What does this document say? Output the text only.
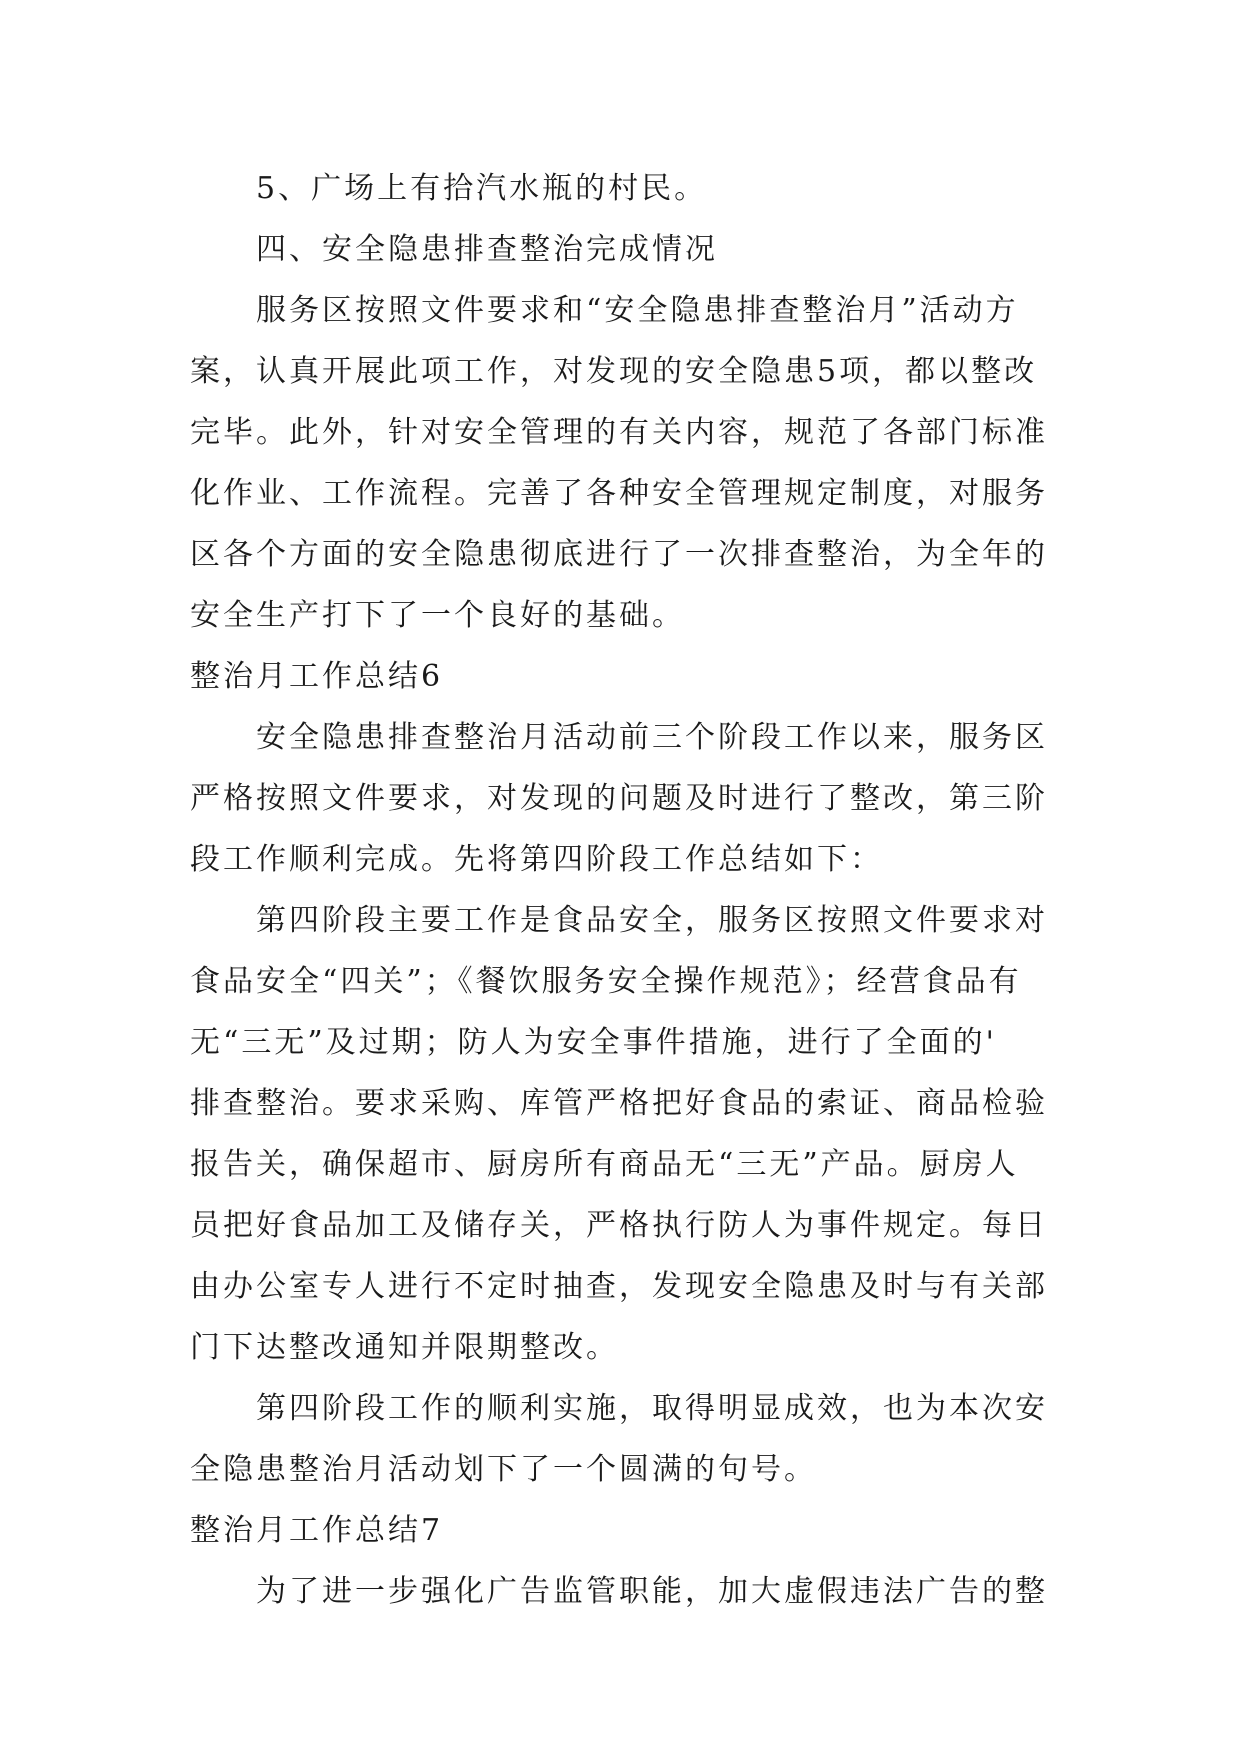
5、广场上有拾汽水瓶的村民。
四、安全隐患排查整治完成情况
服务区按照文件要求和“安全隐患排查整治月”活动方
案，认真开展此项工作，对发现的安全隐患5项，都以整改
完毕。此外，针对安全管理的有关内容，规范了各部门标准
化作业、工作流程。完善了各种安全管理规定制度，对服务
区各个方面的安全隐患彻底进行了一次排查整治，为全年的
安全生产打下了一个良好的基础。
整治月工作总结6
安全隐患排查整治月活动前三个阶段工作以来，服务区
严格按照文件要求，对发现的问题及时进行了整改，第三阶
段工作顺利完成。先将第四阶段工作总结如下：
第四阶段主要工作是食品安全，服务区按照文件要求对
食品安全“四关”；《餐饮服务安全操作规范》；经营食品有
无“三无”及过期；防人为安全事件措施，进行了全面的'
排查整治。要求采购、库管严格把好食品的索证、商品检验
报告关，确保超市、厨房所有商品无“三无”产品。厨房人
员把好食品加工及储存关，严格执行防人为事件规定。每日
由办公室专人进行不定时抽查，发现安全隐患及时与有关部
门下达整改通知并限期整改。
第四阶段工作的顺利实施，取得明显成效，也为本次安
全隐患整治月活动划下了一个圆满的句号。
整治月工作总结7
为了进一步强化广告监管职能，加大虚假违法广告的整
